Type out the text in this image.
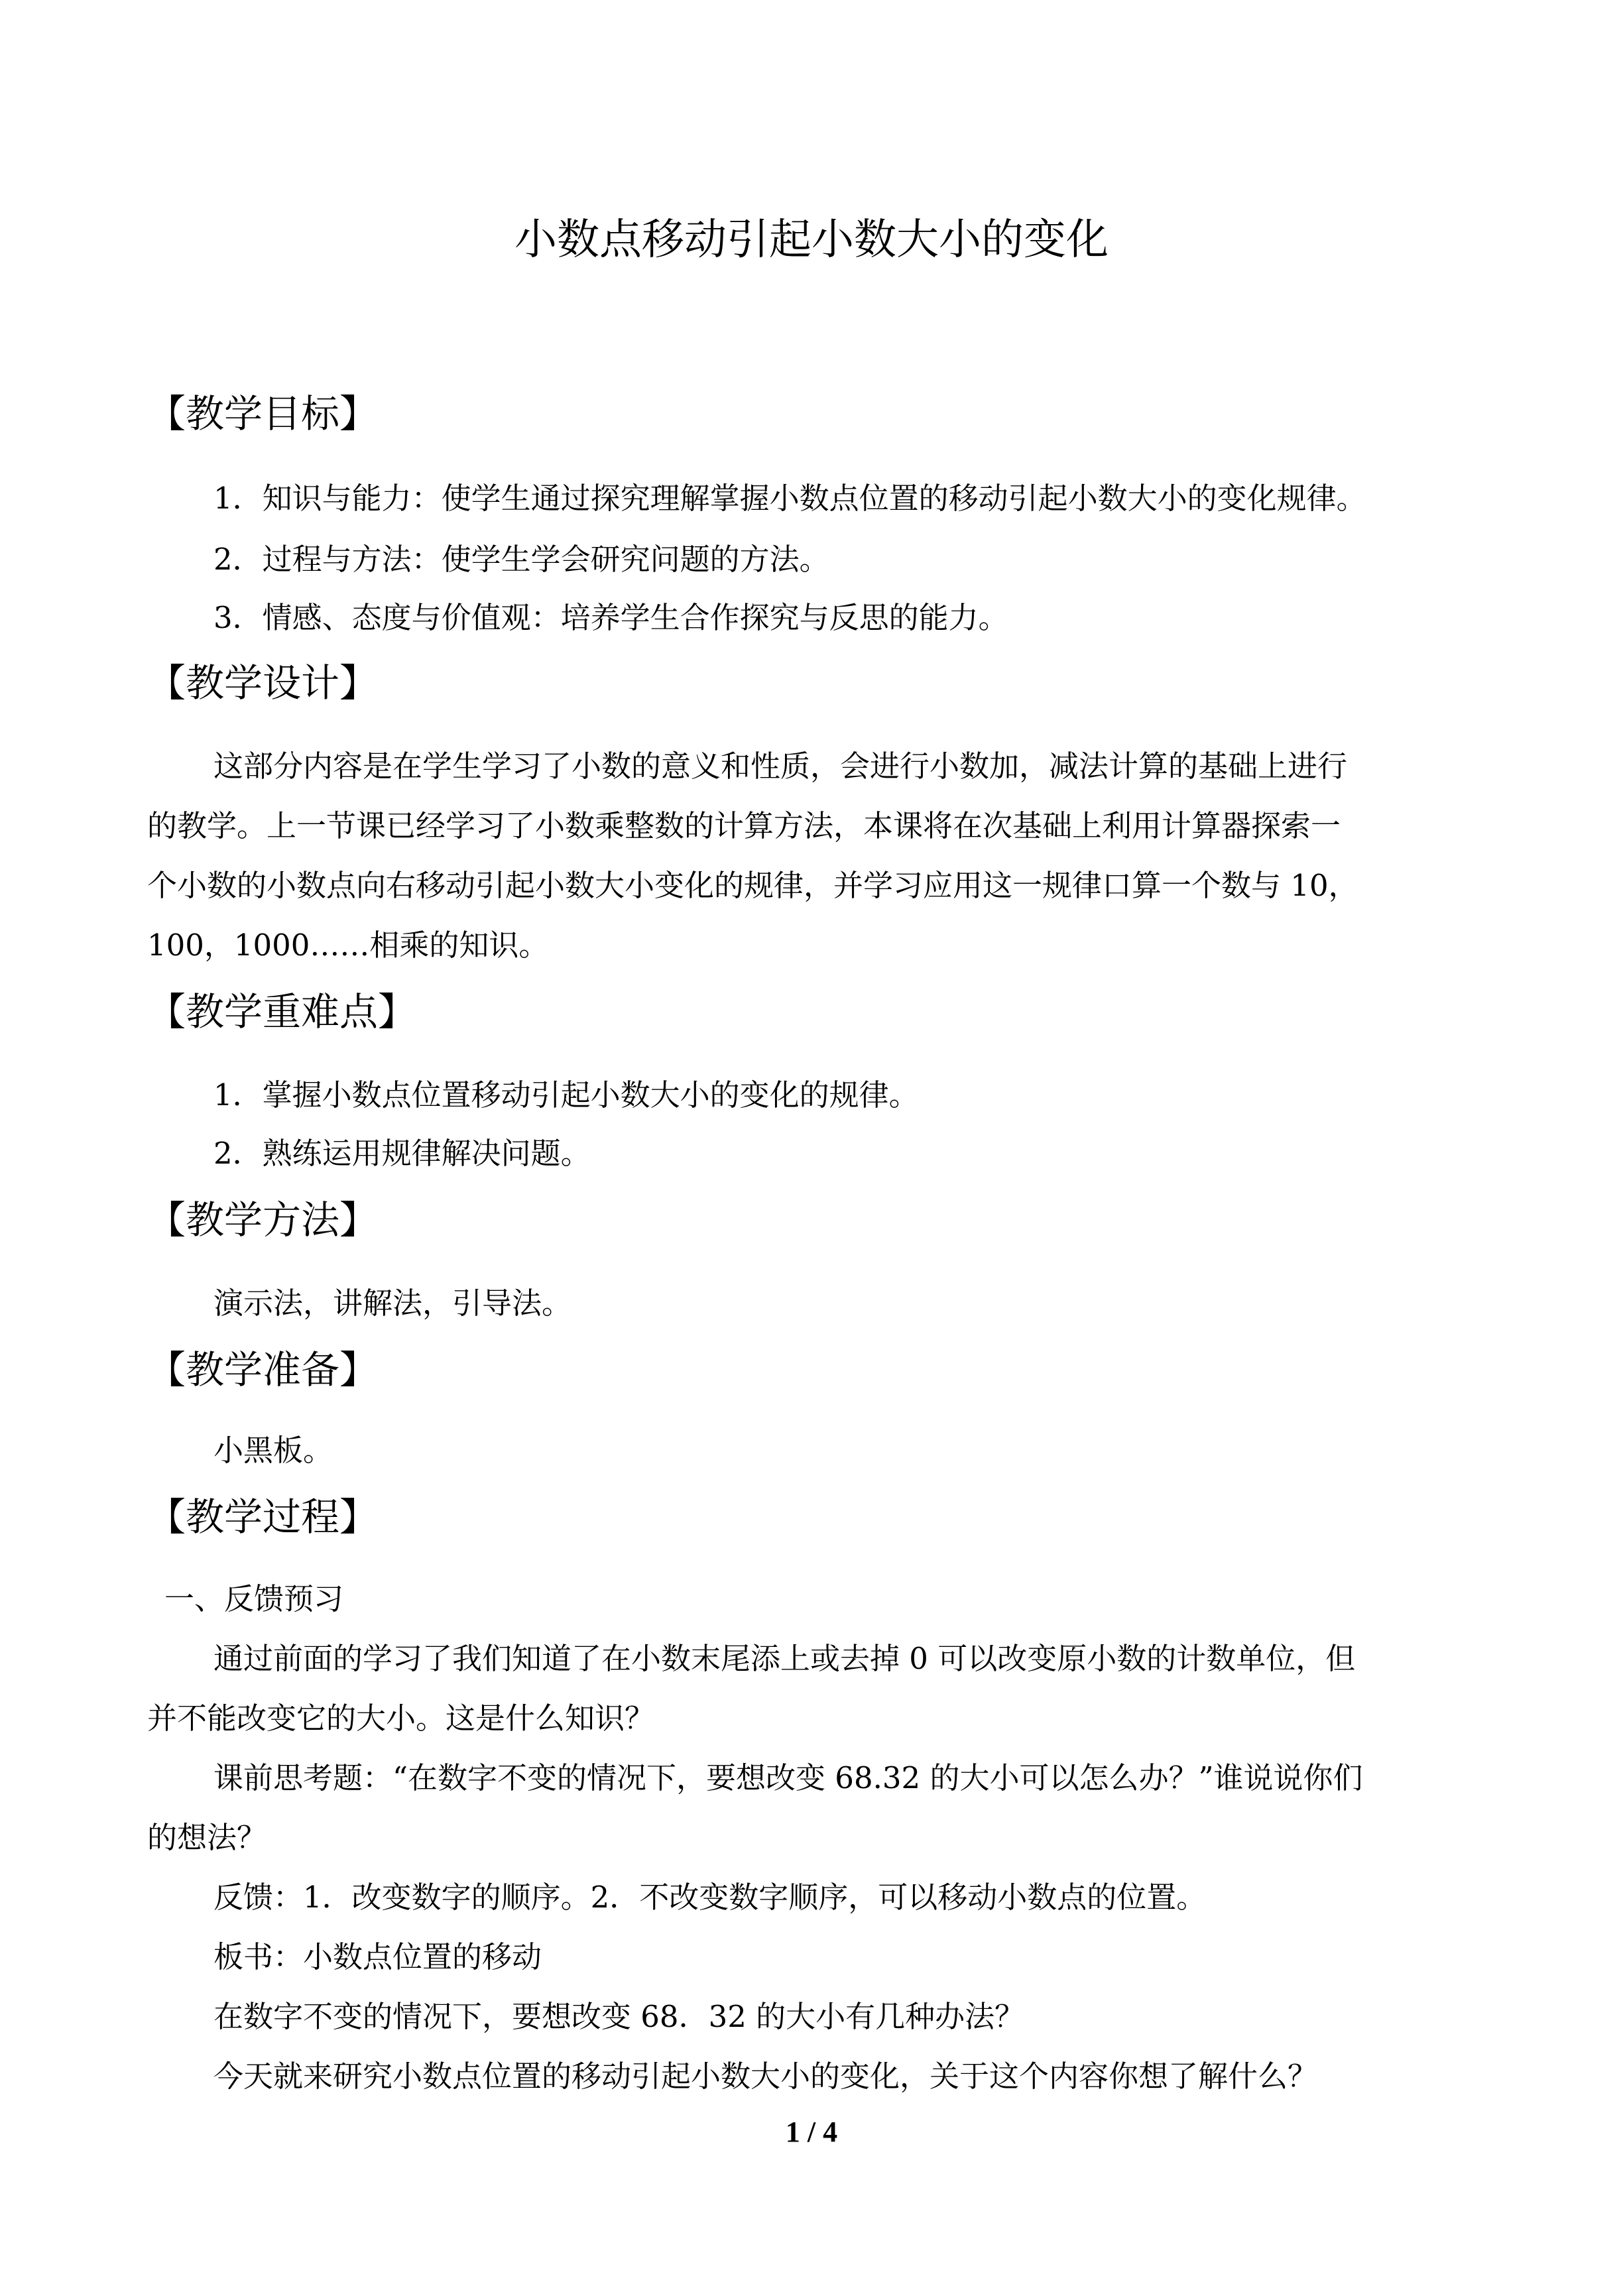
小数点移动引起小数大小的变化
【教学目标】
1．知识与能力：使学生通过探究理解掌握小数点位置的移动引起小数大小的变化规律。
2．过程与方法：使学生学会研究问题的方法。
3．情感、态度与价值观：培养学生合作探究与反思的能力。
【教学设计】
这部分内容是在学生学习了小数的意义和性质，会进行小数加，减法计算的基础上进行
的教学。上一节课已经学习了小数乘整数的计算方法，本课将在次基础上利用计算器探索一
个小数的小数点向右移动引起小数大小变化的规律，并学习应用这一规律口算一个数与 10，
100，1000……相乘的知识。
【教学重难点】
1．掌握小数点位置移动引起小数大小的变化的规律。
2．熟练运用规律解决问题。
【教学方法】
演示法，讲解法，引导法。
【教学准备】
小黑板。
【教学过程】
一、反馈预习
通过前面的学习了我们知道了在小数末尾添上或去掉 0 可以改变原小数的计数单位，但
并不能改变它的大小。这是什么知识？
课前思考题：“在数字不变的情况下，要想改变 68.32 的大小可以怎么办？”谁说说你们
的想法？
反馈：1．改变数字的顺序。2．不改变数字顺序，可以移动小数点的位置。
板书：小数点位置的移动
在数字不变的情况下，要想改变 68．32 的大小有几种办法？
今天就来研究小数点位置的移动引起小数大小的变化，关于这个内容你想了解什么？
1 / 4
